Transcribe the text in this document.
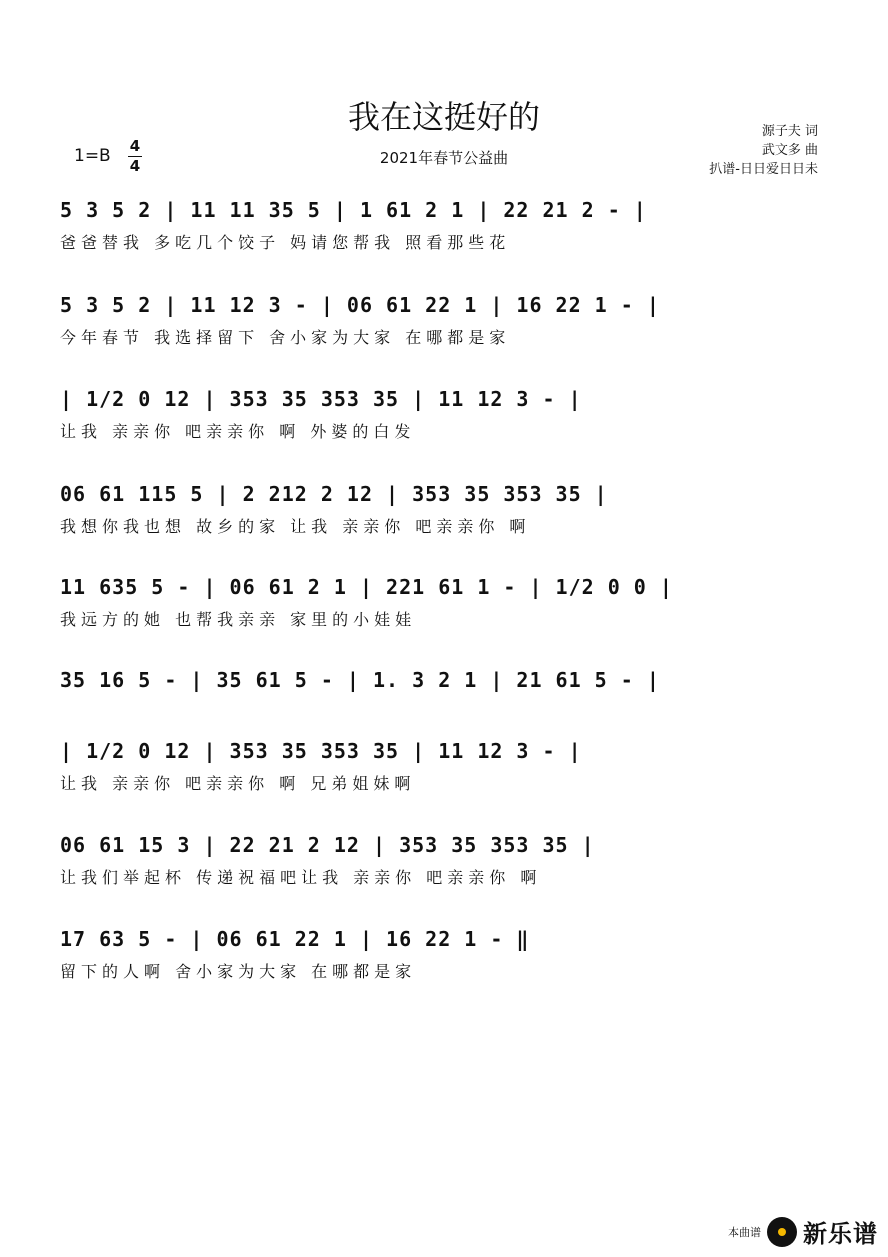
我在这挺好的
2021年春节公益曲
1=B 4
4
源子夫 词
武文多 曲
扒谱-日日爱日日未
5 3 5 2 | 11 11 35 5 | 1 61 2 1 | 22 21 2 - |
爸爸替我 多吃几个饺子 妈请您帮我 照看那些花
5 3 5 2 | 11 12 3 - | 06 61 22 1 | 16 22 1 - |
今年春节 我选择留下 舍小家为大家 在哪都是家
| 1/2 0 12 | 353 35 353 35 | 11 12 3 - |
让我 亲亲你 吧亲亲你 啊 外婆的白发
06 61 115 5 | 2 212 2 12 | 353 35 353 35 |
我想你我也想 故乡的家 让我 亲亲你 吧亲亲你 啊
11 635 5 - | 06 61 2 1 | 221 61 1 - | 1/2 0 0 |
我远方的她 也帮我亲亲 家里的小娃娃
35 16 5 - | 35 61 5 - | 1. 3 2 1 | 21 61 5 - |
| 1/2 0 12 | 353 35 353 35 | 11 12 3 - |
让我 亲亲你 吧亲亲你 啊 兄弟姐妹啊
06 61 15 3 | 22 21 2 12 | 353 35 353 35 |
让我们举起杯 传递祝福吧让我 亲亲你 吧亲亲你 啊
17 63 5 - | 06 61 22 1 | 16 22 1 - ‖
留下的人啊 舍小家为大家 在哪都是家
本曲谱 新乐谱
